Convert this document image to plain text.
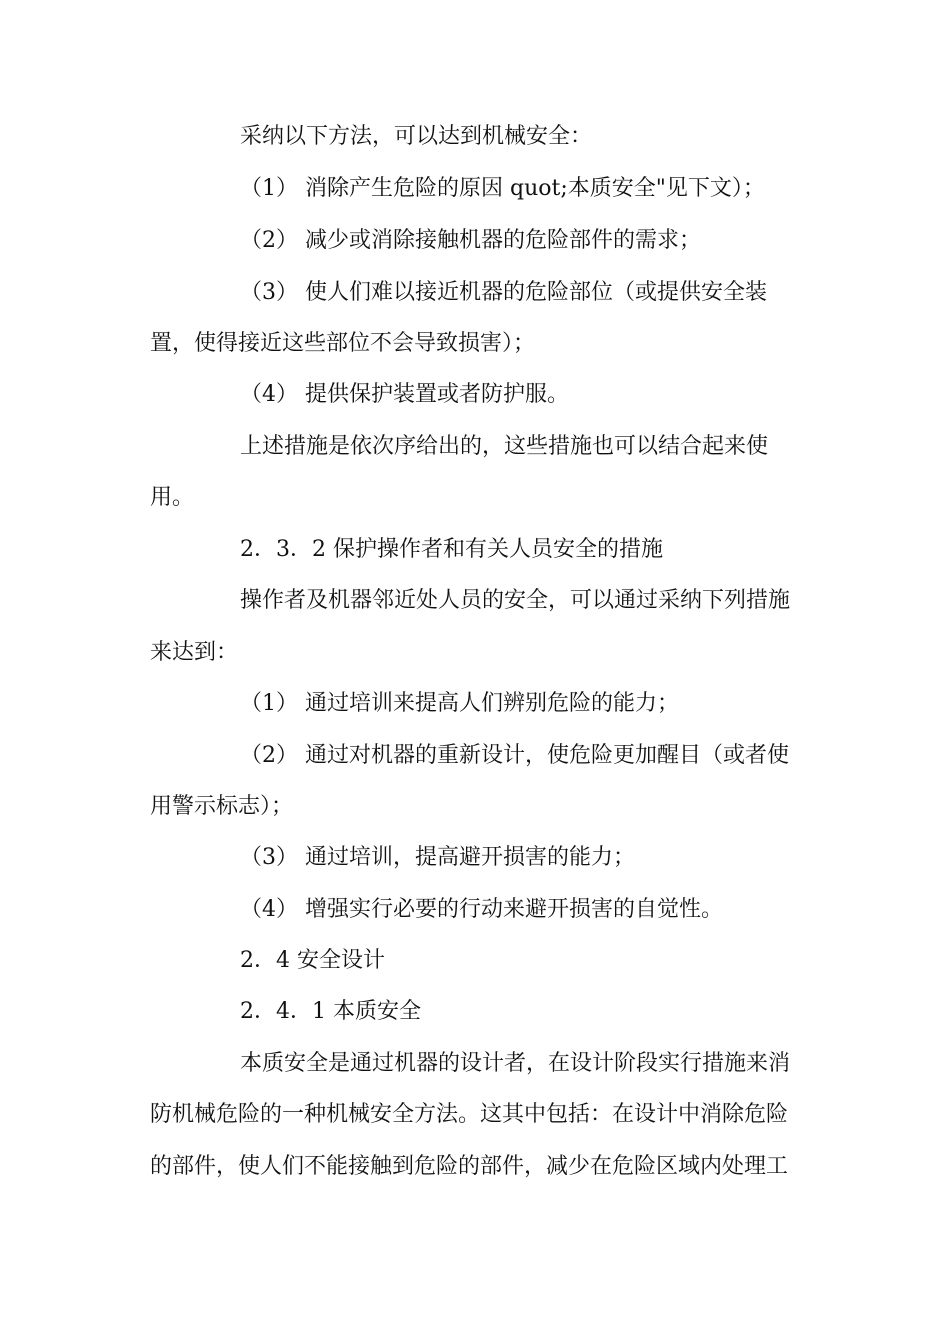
采纳以下方法，可以达到机械安全：
（1） 消除产生危险的原因 quot;本质安全"见下文）；
（2） 减少或消除接触机器的危险部件的需求；
（3） 使人们难以接近机器的危险部位（或提供安全装
置，使得接近这些部位不会导致损害）；
（4） 提供保护装置或者防护服。
上述措施是依次序给出的，这些措施也可以结合起来使
用。
2．3．2 保护操作者和有关人员安全的措施
操作者及机器邻近处人员的安全，可以通过采纳下列措施
来达到：
（1） 通过培训来提高人们辨别危险的能力；
（2） 通过对机器的重新设计，使危险更加醒目（或者使
用警示标志）；
（3） 通过培训，提高避开损害的能力；
（4） 增强实行必要的行动来避开损害的自觉性。
2．4 安全设计
2．4．1 本质安全
本质安全是通过机器的设计者，在设计阶段实行措施来消
防机械危险的一种机械安全方法。这其中包括：在设计中消除危险
的部件，使人们不能接触到危险的部件，减少在危险区域内处理工
